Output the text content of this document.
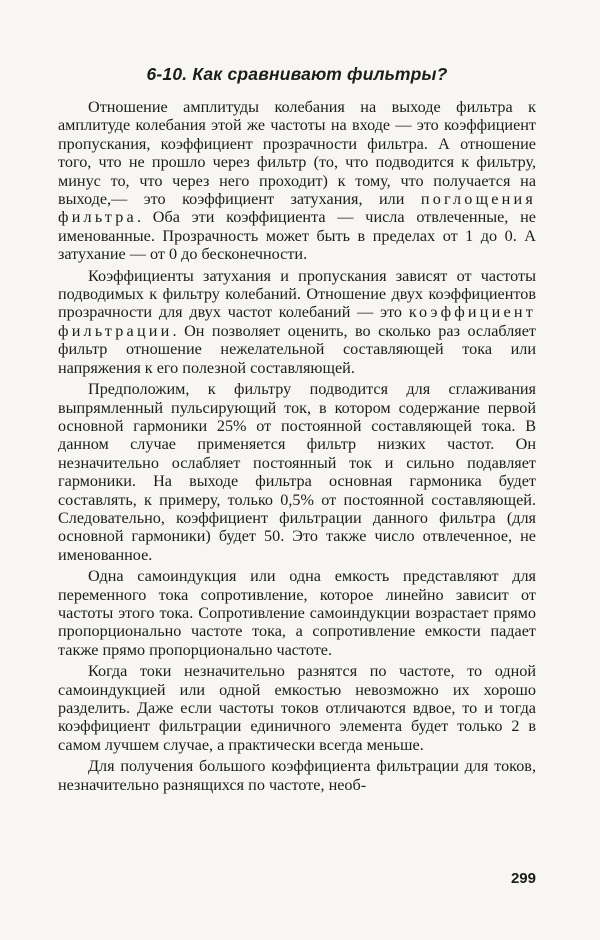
6-10. Как сравнивают фильтры?

Отношение амплитуды колебания на выходе фильтра к амплитуде колебания этой же частоты на входе — это коэффициент пропускания, коэффициент прозрачности фильтра. А отношение того, что не прошло через фильтр (то, что подводится к фильтру, минус то, что через него проходит) к тому, что получается на выходе,— это коэффициент затухания, или поглощения фильтра. Оба эти коэффициента — числа отвлеченные, не именованные. Прозрачность может быть в пределах от 1 до 0. А затухание — от 0 до бесконечности.

Коэффициенты затухания и пропускания зависят от частоты подводимых к фильтру колебаний. Отношение двух коэффициентов прозрачности для двух частот колебаний — это коэффициент фильтрации. Он позволяет оценить, во сколько раз ослабляет фильтр отношение нежелательной составляющей тока или напряжения к его полезной составляющей.

Предположим, к фильтру подводится для сглаживания выпрямленный пульсирующий ток, в котором содержание первой основной гармоники 25% от постоянной составляющей тока. В данном случае применяется фильтр низких частот. Он незначительно ослабляет постоянный ток и сильно подавляет гармоники. На выходе фильтра основная гармоника будет составлять, к примеру, только 0,5% от постоянной составляющей. Следовательно, коэффициент фильтрации данного фильтра (для основной гармоники) будет 50. Это также число отвлеченное, не именованное.

Одна самоиндукция или одна емкость представляют для переменного тока сопротивление, которое линейно зависит от частоты этого тока. Сопротивление самоиндукции возрастает прямо пропорционально частоте тока, а сопротивление емкости падает также прямо пропорционально частоте.

Когда токи незначительно разнятся по частоте, то одной самоиндукцией или одной емкостью невозможно их хорошо разделить. Даже если частоты токов отличаются вдвое, то и тогда коэффициент фильтрации единичного элемента будет только 2 в самом лучшем случае, а практически всегда меньше.

Для получения большого коэффициента фильтрации для токов, незначительно разнящихся по частоте, необ-

299
